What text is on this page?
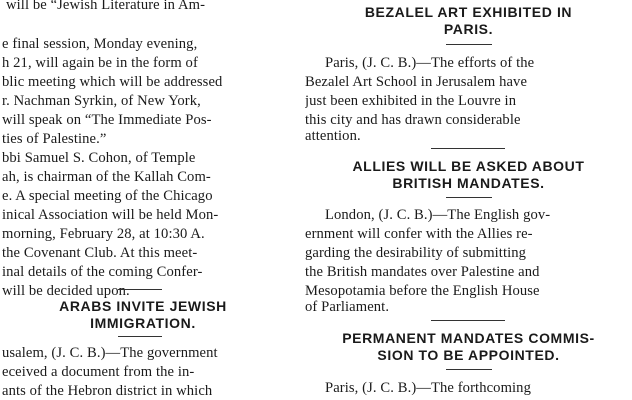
will be “Jewish Literature in Am-
e final session, Monday evening,
h 21, will again be in the form of
blic meeting which will be addressed
r. Nachman Syrkin, of New York,
will speak on “The Immediate Pos-
ties of Palestine.”
bbi Samuel S. Cohon, of Temple
ah, is chairman of the Kallah Com-
e. A special meeting of the Chicago
inical Association will be held Mon-
morning, February 28, at 10:30 A.
the Covenant Club. At this meet-
inal details of the coming Confer-
will be decided upon.
ARABS INVITE JEWISH
IMMIGRATION.
usalem, (J. C. B.)—The government
eceived a document from the in-
ants of the Hebron district in which
BEZALEL ART EXHIBITED IN
PARIS.
Paris, (J. C. B.)—The efforts of the
Bezalel Art School in Jerusalem have
just been exhibited in the Louvre in
this city and has drawn considerable
attention.
ALLIES WILL BE ASKED ABOUT
BRITISH MANDATES.
London, (J. C. B.)—The English gov-
ernment will confer with the Allies re-
garding the desirability of submitting
the British mandates over Palestine and
Mesopotamia before the English House
of Parliament.
PERMANENT MANDATES COMMIS-
SION TO BE APPOINTED.
Paris, (J. C. B.)—The forthcoming
